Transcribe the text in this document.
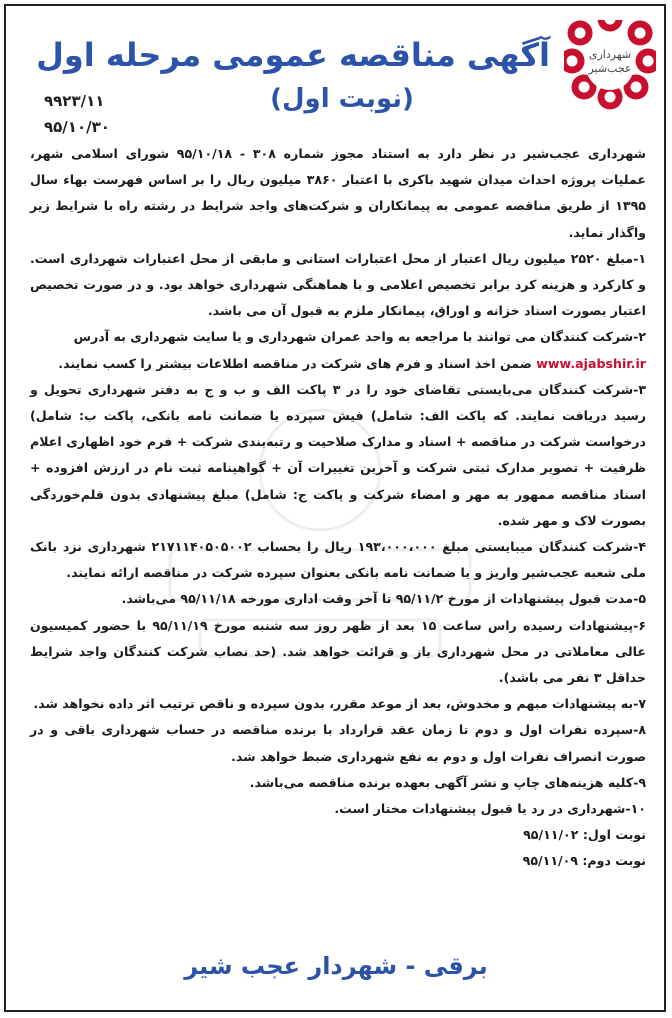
شهرداری
عجب‌شیر
آگهی مناقصه عمومی مرحله اول
(نوبت اول)
۹۹۲۳/۱۱
۹۵/۱۰/۳۰

شهرداری عجب‌شیر در نظر دارد به استناد مجوز شماره ۳۰۸ - ۹۵/۱۰/۱۸ شورای اسلامی شهر، عملیات پروژه احداث میدان شهید باکری با اعتبار ۳۸۶۰ میلیون ریال را بر اساس فهرست بهاء سال ۱۳۹۵ از طریق مناقصه عمومی به پیمانکاران و شرکت‌های واجد شرایط در رشته راه با شرایط زیر واگذار نماید.

۱-مبلغ ۲۵۲۰ میلیون ریال اعتبار از محل اعتبارات استانی و مابقی از محل اعتبارات شهرداری است. و کارکرد و هزینه کرد برابر تخصیص اعلامی و با هماهنگی شهرداری خواهد بود. و در صورت تخصیص اعتبار بصورت اسناد خزانه و اوراق، پیمانکار ملزم به قبول آن می باشد.

۲-شرکت کنندگان می توانند با مراجعه به واحد عمران شهرداری و یا سایت شهرداری به آدرس
www.ajabshir.ir ضمن اخذ اسناد و فرم های شرکت در مناقصه اطلاعات بیشتر را کسب نمایند.

۳-شرکت کنندگان می‌بایستی تقاضای خود را در ۳ پاکت الف و ب و ج به دفتر شهرداری تحویل و رسید دریافت نمایند. که پاکت الف: شامل) فیش سپرده یا ضمانت نامه بانکی، پاکت ب: شامل) درخواست شرکت در مناقصه + اسناد و مدارک صلاحیت و رتبه‌بندی شرکت + فرم خود اظهاری اعلام ظرفیت + تصویر مدارک ثبتی شرکت و آخرین تغییرات آن + گواهینامه ثبت نام در ارزش افزوده + اسناد مناقصه ممهور به مهر و امضاء شرکت و پاکت ج: شامل) مبلغ پیشنهادی بدون قلم‌خوردگی بصورت لاک و مهر شده.

۴-شرکت کنندگان میبایستی مبلغ ۱۹۳،۰۰۰،۰۰۰ ریال را بحساب ۲۱۷۱۱۴۰۵۰۵۰۰۲ شهرداری نزد بانک ملی شعبه عجب‌شیر واریز و یا ضمانت نامه بانکی بعنوان سپرده شرکت در مناقصه ارائه نمایند.

۵-مدت قبول پیشنهادات از مورخ ۹۵/۱۱/۲ تا آخر وقت اداری مورخه ۹۵/۱۱/۱۸ می‌باشد.

۶-پیشنهادات رسیده راس ساعت ۱۵ بعد از ظهر روز سه شنبه مورخ ۹۵/۱۱/۱۹ با حضور کمیسیون عالی معاملاتی در محل شهرداری باز و قرائت خواهد شد. (حد نصاب شرکت کنندگان واجد شرایط حداقل ۳ نفر می باشد).

۷-به پیشنهادات مبهم و مخدوش، بعد از موعد مقرر، بدون سپرده و ناقص ترتیب اثر داده نخواهد شد.

۸-سپرده نفرات اول و دوم تا زمان عقد قرارداد با برنده مناقصه در حساب شهرداری باقی و در صورت انصراف نفرات اول و دوم به نفع شهرداری ضبط خواهد شد.

۹-کلیه هزینه‌های چاپ و نشر آگهی بعهده برنده مناقصه می‌باشد.

۱۰-شهرداری در رد یا قبول پیشنهادات مختار است.

نوبت اول: ۹۵/۱۱/۰۲

نوبت دوم: ۹۵/۱۱/۰۹

برقی - شهردار عجب شیر
